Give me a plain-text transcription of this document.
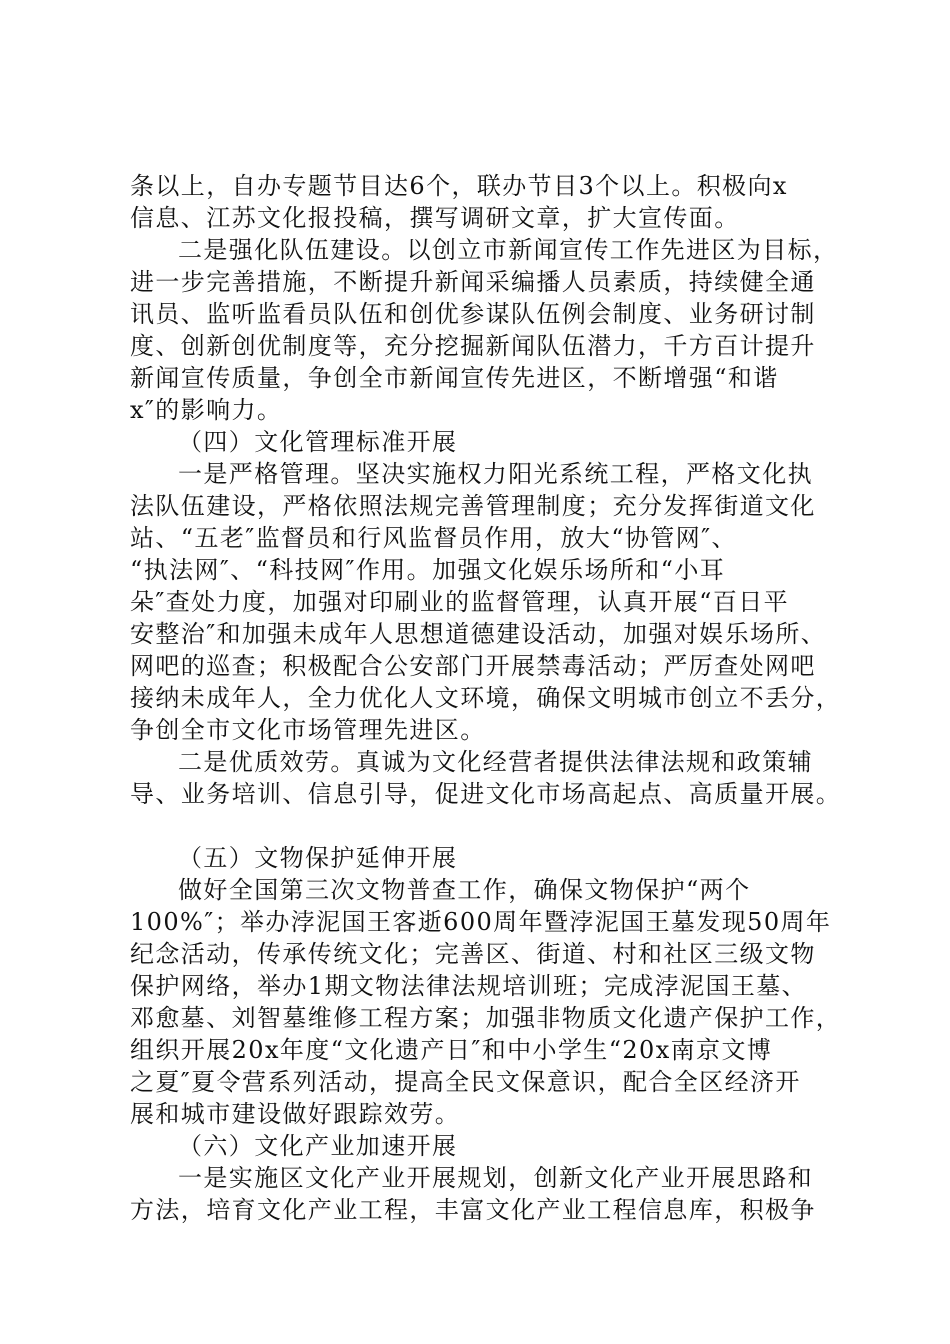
条以上，自办专题节目达6个，联办节目3个以上。积极向x
信息、江苏文化报投稿，撰写调研文章，扩大宣传面。
二是强化队伍建设。以创立市新闻宣传工作先进区为目标，
进一步完善措施，不断提升新闻采编播人员素质，持续健全通
讯员、监听监看员队伍和创优参谋队伍例会制度、业务研讨制
度、创新创优制度等，充分挖掘新闻队伍潜力，千方百计提升
新闻宣传质量，争创全市新闻宣传先进区，不断增强“和谐
x″的影响力。
（四）文化管理标准开展
一是严格管理。坚决实施权力阳光系统工程，严格文化执
法队伍建设，严格依照法规完善管理制度；充分发挥街道文化
站、“五老″监督员和行风监督员作用，放大“协管网″、
“执法网″、“科技网″作用。加强文化娱乐场所和“小耳
朵″查处力度，加强对印刷业的监督管理，认真开展“百日平
安整治″和加强未成年人思想道德建设活动，加强对娱乐场所、
网吧的巡查；积极配合公安部门开展禁毒活动；严厉查处网吧
接纳未成年人，全力优化人文环境，确保文明城市创立不丢分，
争创全市文化市场管理先进区。
二是优质效劳。真诚为文化经营者提供法律法规和政策辅
导、业务培训、信息引导，促进文化市场高起点、高质量开展。
（五）文物保护延伸开展
做好全国第三次文物普查工作，确保文物保护“两个
100%″；举办浡泥国王客逝600周年暨浡泥国王墓发现50周年
纪念活动，传承传统文化；完善区、街道、村和社区三级文物
保护网络，举办1期文物法律法规培训班；完成浡泥国王墓、
邓愈墓、刘智墓维修工程方案；加强非物质文化遗产保护工作，
组织开展20x年度“文化遗产日″和中小学生“20x南京文博
之夏″夏令营系列活动，提高全民文保意识，配合全区经济开
展和城市建设做好跟踪效劳。
（六）文化产业加速开展
一是实施区文化产业开展规划，创新文化产业开展思路和
方法，培育文化产业工程，丰富文化产业工程信息库，积极争
